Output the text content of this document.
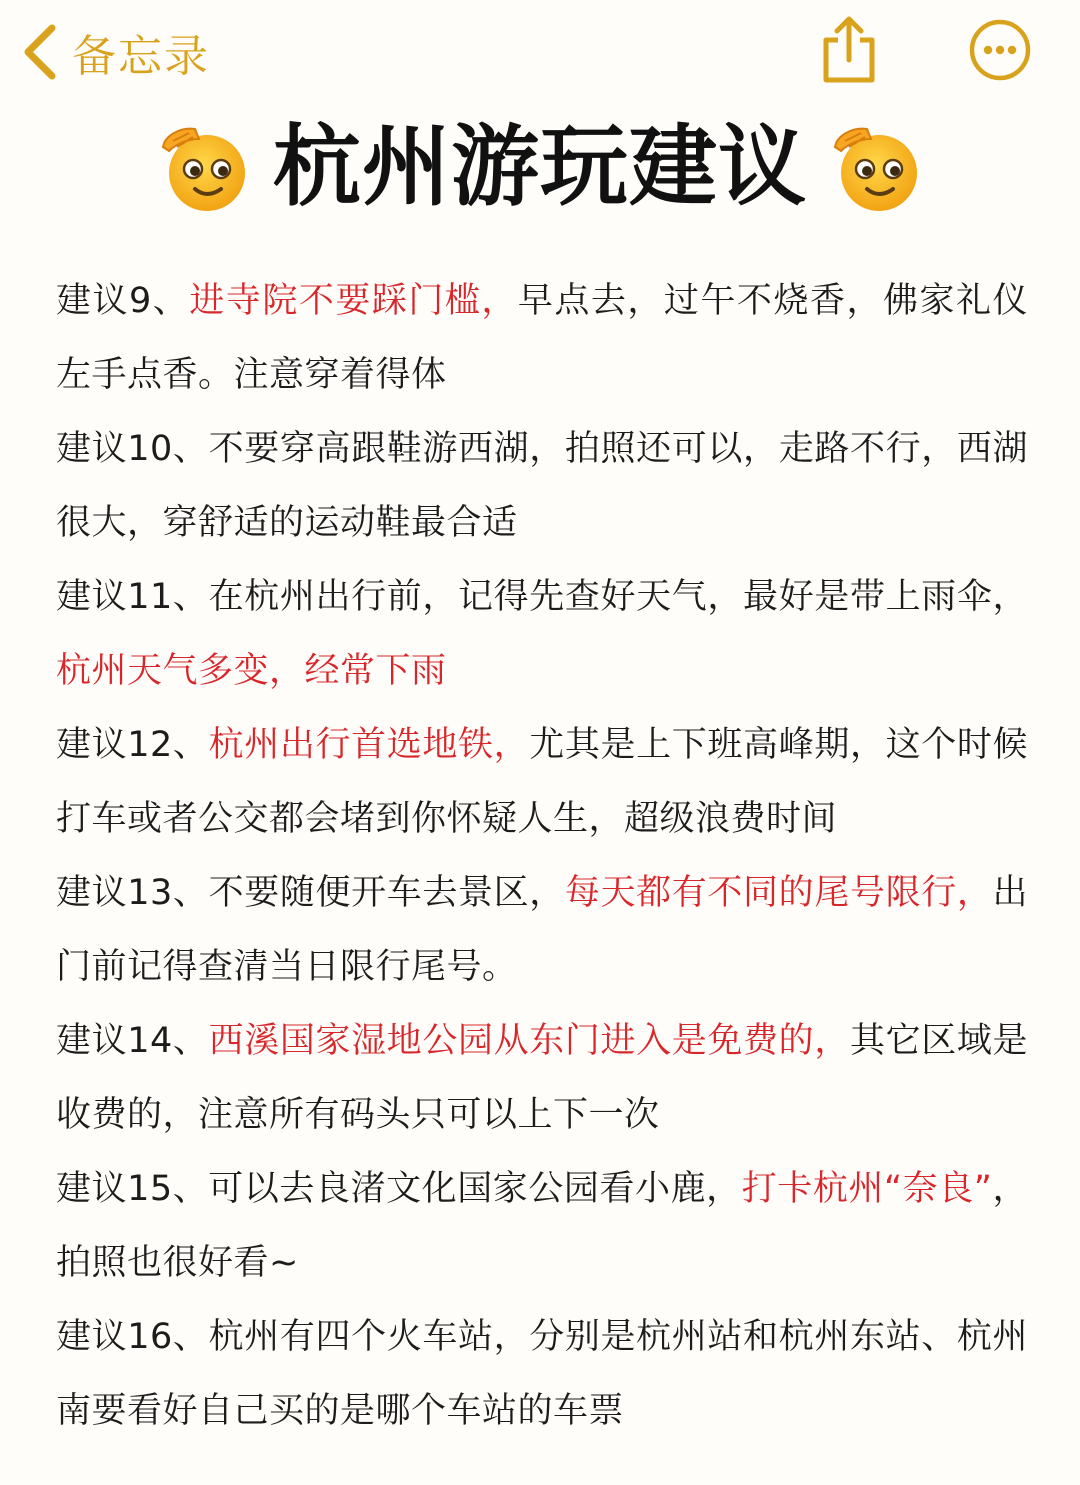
备忘录
杭州游玩建议

建议9、进寺院不要踩门槛，早点去，过午不烧香，佛家礼仪左手点香。注意穿着得体

建议10、不要穿高跟鞋游西湖，拍照还可以，走路不行，西湖很大，穿舒适的运动鞋最合适

建议11、在杭州出行前，记得先查好天气，最好是带上雨伞，杭州天气多变，经常下雨

建议12、杭州出行首选地铁，尤其是上下班高峰期，这个时候打车或者公交都会堵到你怀疑人生，超级浪费时间

建议13、不要随便开车去景区，每天都有不同的尾号限行，出门前记得查清当日限行尾号。

建议14、西溪国家湿地公园从东门进入是免费的，其它区域是收费的，注意所有码头只可以上下一次

建议15、可以去良渚文化国家公园看小鹿，打卡杭州“奈良”，拍照也很好看~

建议16、杭州有四个火车站，分别是杭州站和杭州东站、杭州南要看好自己买的是哪个车站的车票
